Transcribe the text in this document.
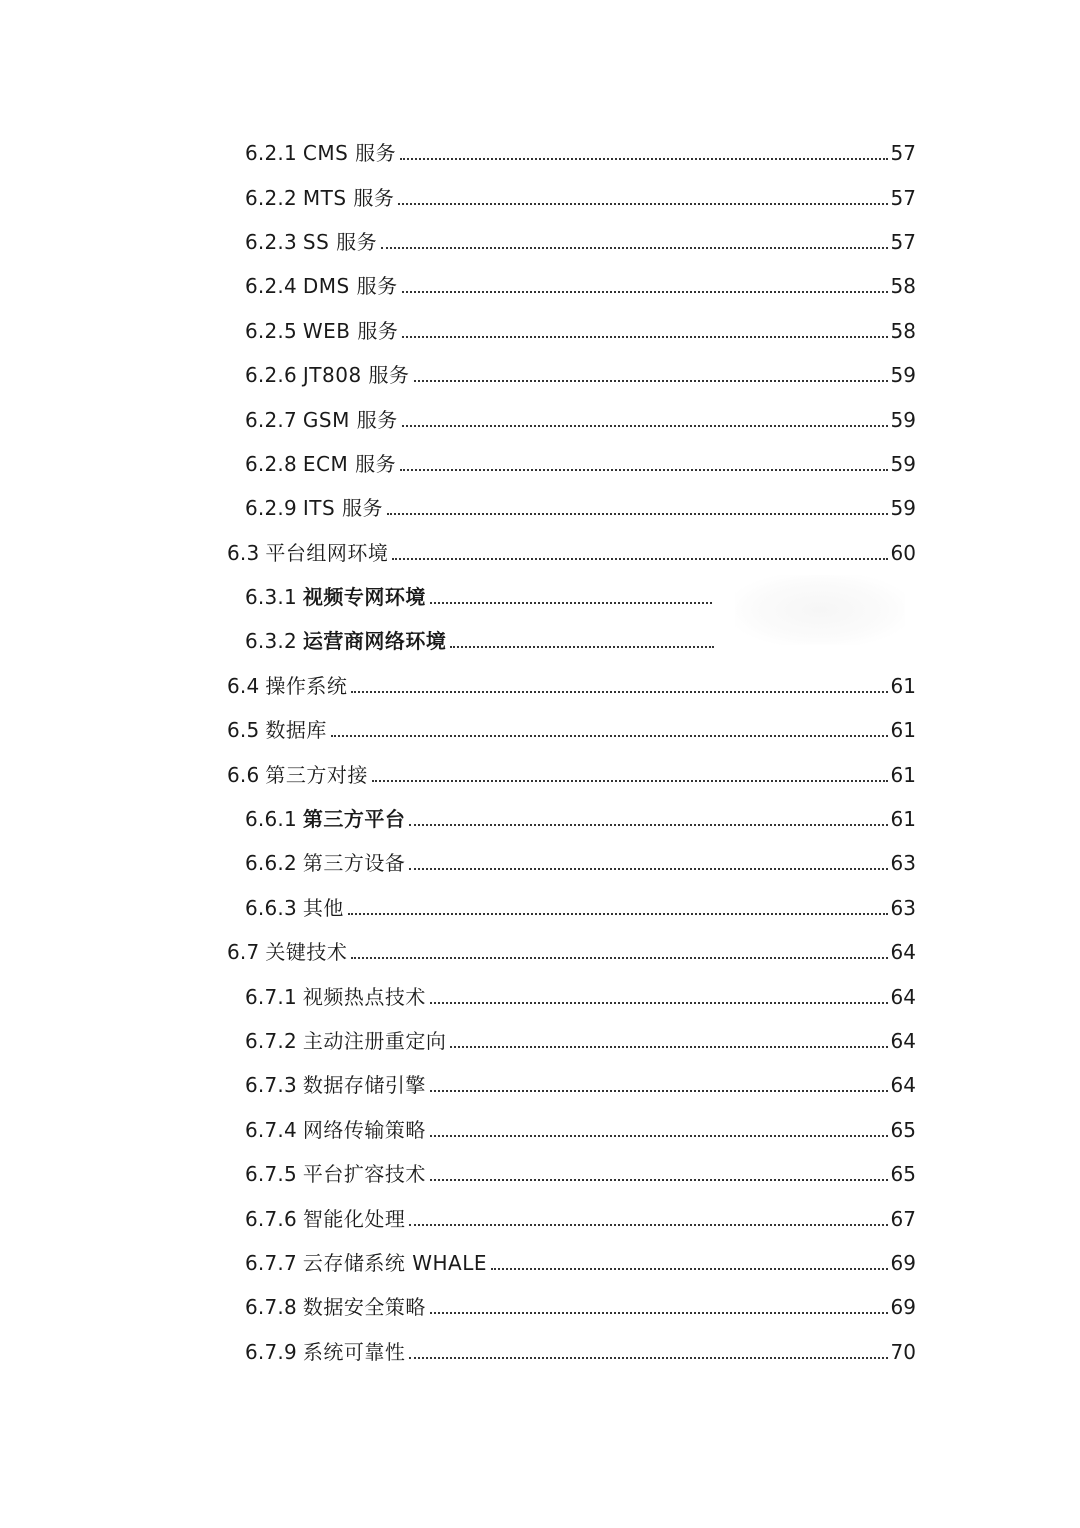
6.2.1 CMS 服务	57
6.2.2 MTS 服务	57
6.2.3 SS 服务	57
6.2.4 DMS 服务	58
6.2.5 WEB 服务	58
6.2.6 JT808 服务	59
6.2.7 GSM 服务	59
6.2.8 ECM 服务	59
6.2.9 ITS 服务	59
6.3 平台组网环境	60
6.3.1 视频专网环境
6.3.2 运营商网络环境
6.4 操作系统	61
6.5 数据库	61
6.6 第三方对接	61
6.6.1 第三方平台	61
6.6.2 第三方设备	63
6.6.3 其他	63
6.7 关键技术	64
6.7.1 视频热点技术	64
6.7.2 主动注册重定向	64
6.7.3 数据存储引擎	64
6.7.4 网络传输策略	65
6.7.5 平台扩容技术	65
6.7.6 智能化处理	67
6.7.7 云存储系统 WHALE	69
6.7.8 数据安全策略	69
6.7.9 系统可靠性	70
